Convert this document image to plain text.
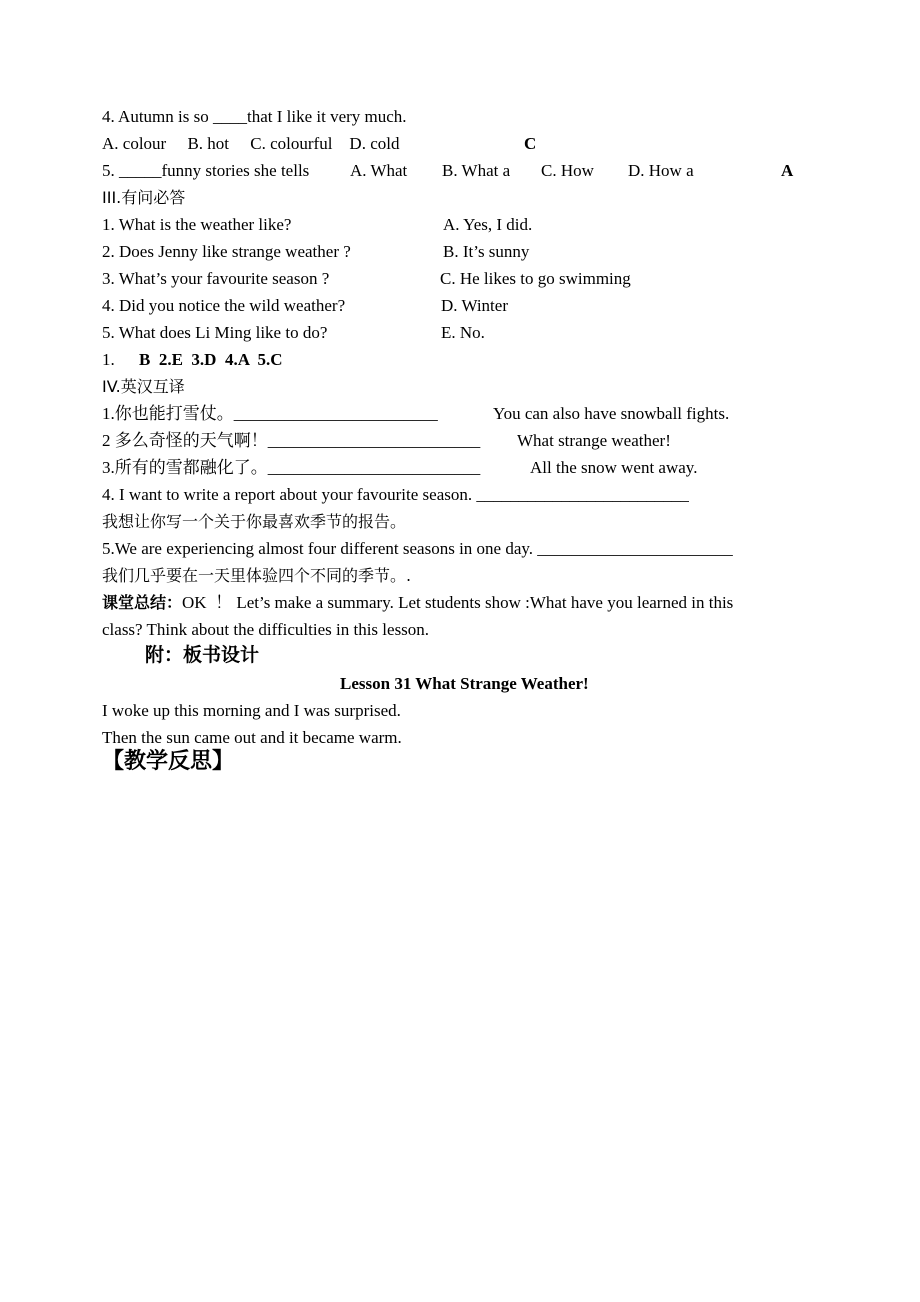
4. Autumn is so ____that I like it very much.
A. colour     B. hot     C. colourful    D. cold	C
5. _____funny stories she tells A. What B. What a C. How D. How a	A
III.有问必答
1. What is the weather like?	A. Yes, I did.
2. Does Jenny like strange weather ?	B. It’s sunny
3. What’s your favourite season ?	C. He likes to go swimming
4. Did you notice the wild weather?	D. Winter
5. What does Li Ming like to do?	E. No.
1. B  2.E  3.D  4.A  5.C
IV.英汉互译
1.你也能打雪仗。________________________	You can also have snowball fights.
2 多么奇怪的天气啊！_________________________ What strange weather!
3.所有的雪都融化了。_________________________	All the snow went away.
4. I want to write a report about your favourite season. _________________________
我想让你写一个关于你最喜欢季节的报告。
5.We are experiencing almost four different seasons in one day. _______________________
我们几乎要在一天里体验四个不同的季节。.
课堂总结：OK  ！ Let’s make a summary. Let students show :What have you learned in this
class? Think about the difficulties in this lesson.
附：板书设计
Lesson 31 What Strange Weather!
I woke up this morning and I was surprised.
Then the sun came out and it became warm.
【教学反思】
